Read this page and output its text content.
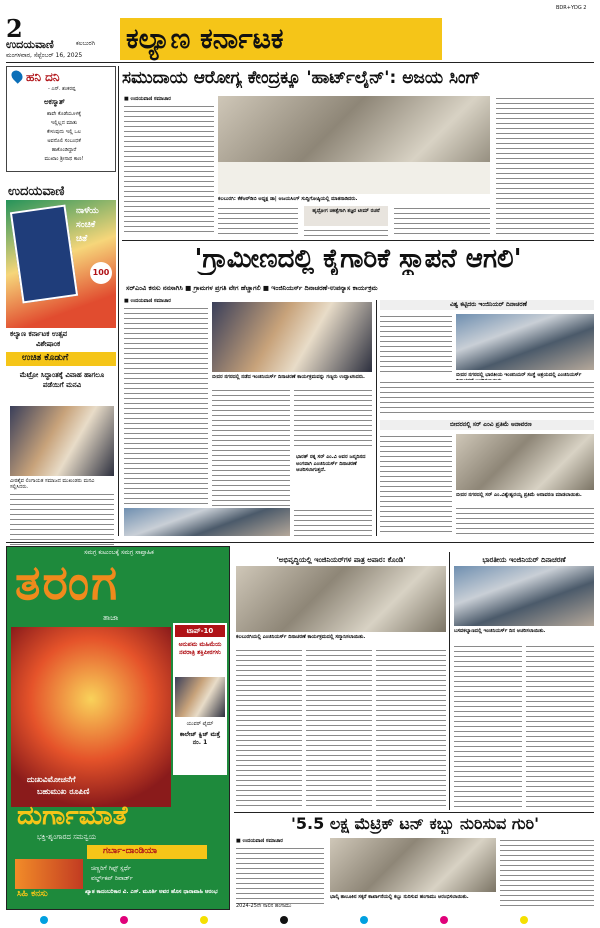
2
ಉದಯವಾಣಿ	ಕಲಬುರಗಿ
ಮಂಗಳವಾರ, ಸೆಪ್ಟೆಂಬರ್ 16, 2025
ಕಲ್ಯಾಣ ಕರ್ನಾಟಕ
BDR+YDG 2
ಹನಿ ದನಿ
- ಎನ್. ಶಂಕರಪ್ಪ
ಅಕಸ್ಮಾತ್
ಶಾವೇ ಕೊಡೆಯೂಳಕ್ಕೆ
ಇಲ್ಲಿಲ್ಲದ ಮಾತು
ಕೇಳುವುದು ಇಲ್ಲಿ ಒಲ
ಅವನೊಲಿ ಸಂಬಂಧಕೆ
ಹಾಕೊಂಡಿದ್ದಾರೆ
ಮುಖಾಂ ಶ್ರೀನಾಥ ಕಾಣ!
ಉದಯವಾಣಿ
ನಾಳೆಯ
ಸಂಚಿಕೆ
ಚಿತೆ
100
ಕಲ್ಯಾಣ ಕರ್ನಾಟಕ ಉತ್ಸವ
ವಿಶೇಷಾಂಕ
ಉಚಿತ ಕೊಡುಗೆ
ಮೆಟ್ರೋ ಸಿದ್ಧಾಂತಕ್ಕೆ ವಿವಾಹ ಹಾಗಲೂ ಪಡೆಯಿಗೆ ಮನವಿ
ವೀರಶೈವ ಲಿಂಗಾಯತ ಸಮಾಜದ ಮುಖಂಡರು ಮನವಿ ಸಲ್ಲಿಸಿದರು.
ಸಮುದಾಯ ಆರೋಗ್ಯ ಕೇಂದ್ರಕ್ಕೂ 'ಹಾರ್ಟ್‌ಲೈನ್': ಅಜಯ ಸಿಂಗ್
■ ಉದಯವಾಣಿ ಸಮಾಚಾರ
ಕಲಬುರಗಿ: ಕೆಕೆಆರ್‌ಡಿಬಿ ಅಧ್ಯಕ್ಷ ಡಾ| ಅಜಯಸಿಂಗ್ ಸುದ್ದಿಗೋಷ್ಠಿಯಲ್ಲಿ ಮಾತನಾಡಿದರು.
ಹೃದ್ರೋಗ ಚಿಕಿತ್ಸೆಗಾಗಿ ತಜ್ಞರ ಟೀಮ್ ರಚನೆ
'ಗ್ರಾಮೀಣದಲ್ಲಿ ಕೈಗಾರಿಕೆ ಸ್ಥಾಪನೆ ಆಗಲಿ'
ಸರ್‌ಎಂವಿ ಕನಸು ನನಸಾಗಿಸಿ ■ ಗ್ರಾಮಗಳ ಪ್ರಗತಿ ವೇಗ ಹೆಚ್ಚಾಗಲಿ ■ ಇಂಜಿನಿಯರ್ಸ್ ದಿನಾಚರಣೆ-ಉಪನ್ಯಾಸ ಕಾರ್ಯಕ್ರಮ
■ ಉದಯವಾಣಿ ಸಮಾಚಾರ
ಬೀದರ ನಗರದಲ್ಲಿ ನಡೆದ ಇಂಜಿನಿಯರ್ಸ್ ದಿನಾಚರಣೆ ಕಾರ್ಯಕ್ರಮವನ್ನು ಗಣ್ಯರು ಉದ್ಘಾಟಿಸಿದರು.
ಭಾರತ್ ರತ್ನ ಸರ್ ಎಂ.ವಿ ಅವರ ಜನ್ಮದಿನದ ಅಂಗವಾಗಿ ಎಂಜಿನಿಯರ್ಸ್ ದಿನಾಚರಣೆ ಆಚರಿಸಲಾಗುತ್ತದೆ.
ವಿಶ್ವ ಕಟ್ಟಿದರು ಇಂಜಿನಿಯರ್ ದಿನಾಚರಣೆ
ಬೀದರ ನಗರದಲ್ಲಿ ಭಾರತೀಯ ಇಂಜಿನಿಯರ್ ಸಂಸ್ಥೆ ಆಶ್ರಯದಲ್ಲಿ ಎಂಜಿನಿಯರ್ಸ್
ಬೀದರನಲ್ಲಿ ಸರ್ ಎಂವಿ ಪ್ರತಿಮೆ ಅನಾವರಣ
ಬೀದರ ನಗರದಲ್ಲಿ ಸರ್ ಎಂ.ವಿಶ್ವೇಶ್ವರಯ್ಯ ಪ್ರತಿಮೆ ಅನಾವರಣ ಮಾಡಲಾಯಿತು.
ಸಮಗ್ರ ಕುಟುಂಬಕ್ಕೆ ಸಮಗ್ರ ಸಾಪ್ತಾಹಿಕ
ತರಂಗ
ತಾಜಾ
ಟಾಪ್-10
ಅನುಪಮ ಮಹಿಮೆಯ ನವರಾತ್ರಿ ಶಕ್ತಿಪೀಠಗಳು
ಯುವರ್ ಟೈಮ್
ಕಾಲೇಜ್ ಕ್ವಿಜ್ ಮತ್ತೆ ನಂ. 1
ದುಃಖವಿಮೋಚನೆಗೆ
ಬಹುಮುಖ ರೂಪಿಣಿ
ದುರ್ಗಾಮಾತೆ
ಭಕ್ತಿ-ಶೃಂಗಾರದ ಸಮನ್ವಯ
ಗರ್ಬಾ-ದಾಂಡಿಯಾ
ಚಿಣ್ಣರಿಗೆ ಗಿಫ್ಟ್‌ ಸ್ಪರ್ಧೆ
ವರ್ಲ್ಡ್‌ಕಪ್ ರಿವಾರ್ಡ್
ಸಿಹಿ ಕನಸು	ಖ್ಯಾತ ಕಾದಂಬರಿಕಾರ ವಿ. ಎಸ್. ಮೂರ್ತಿ ಅವರ ಹೊಸ ಧಾರಾವಾಹಿ ಆರಂಭ
'ಅಭಿವೃದ್ಧಿಯಲ್ಲಿ ಇಂಜಿನಿಯರ್‌ಗಳ ಪಾತ್ರ ಅಪಾರ: ಕೊಂಡಿ'
ಕಲಬುರಗಿಯಲ್ಲಿ ಎಂಜಿನಿಯರ್ಸ್ ದಿನಾಚರಣೆ ಕಾರ್ಯಕ್ರಮದಲ್ಲಿ ಸನ್ಮಾನಿಸಲಾಯಿತು.
ಭಾರತೀಯ ಇಂಜಿನಿಯರ್ ದಿನಾಚರಣೆ
ಬಸವಕಲ್ಯಾಣದಲ್ಲಿ ಇಂಜಿನಿಯರ್ಸ್ ದಿನ ಆಚರಿಸಲಾಯಿತು.
'5.5 ಲಕ್ಷ ಮೆಟ್ರಿಕ್ ಟನ್ ಕಬ್ಬು ನುರಿಸುವ ಗುರಿ'
■ ಉದಯವಾಣಿ ಸಮಾಚಾರ
ಭಾಲ್ಕಿ ತಾಲೂಕಿನ ಸಕ್ಕರೆ ಕಾರ್ಖಾನೆಯಲ್ಲಿ ಕಬ್ಬು ನುರಿಸುವ ಹಂಗಾಮು ಆರಂಭಿಸಲಾಯಿತು.
2024-25ನೇ ಸಾಲಿನ ಹಂಗಾಮು
